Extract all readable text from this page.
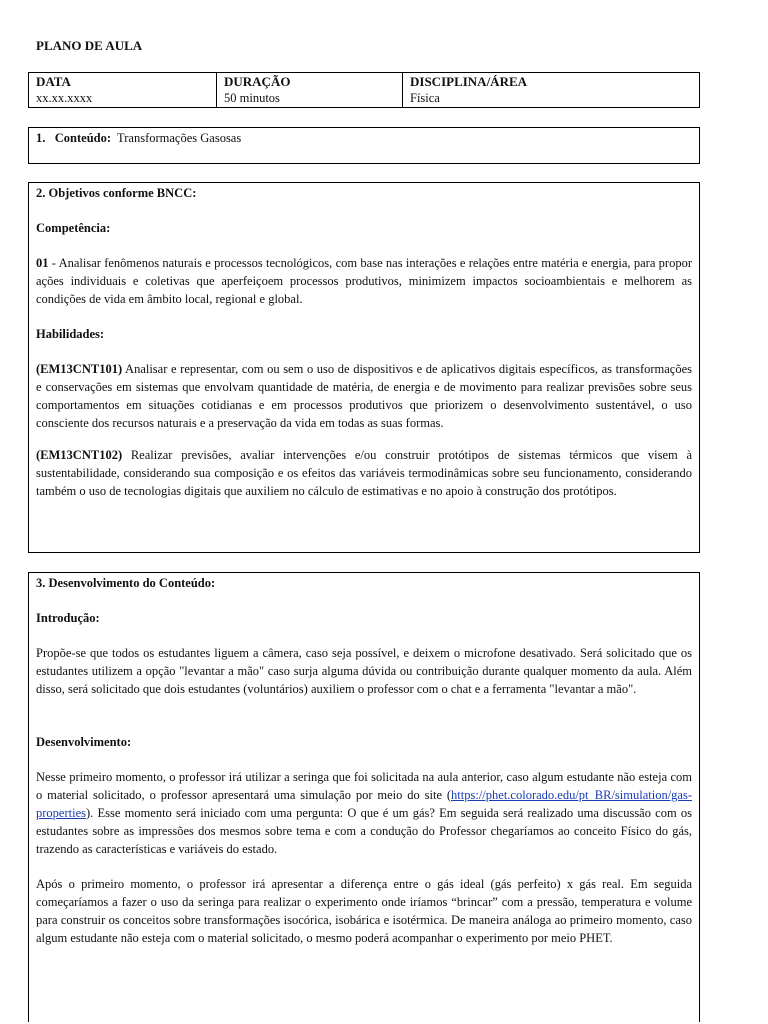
PLANO DE AULA
DATA
xx.xx.xxxx
DURAÇÃO
50 minutos
DISCIPLINA/ÁREA
Física
1. Conteúdo: Transformações Gasosas
2. Objetivos conforme BNCC:
Competência:

01 - Analisar fenômenos naturais e processos tecnológicos, com base nas interações e relações entre matéria e energia, para propor ações individuais e coletivas que aperfeiçoem processos produtivos, minimizem impactos socioambientais e melhorem as condições de vida em âmbito local, regional e global.

Habilidades:

(EM13CNT101) Analisar e representar, com ou sem o uso de dispositivos e de aplicativos digitais específicos, as transformações e conservações em sistemas que envolvam quantidade de matéria, de energia e de movimento para realizar previsões sobre seus comportamentos em situações cotidianas e em processos produtivos que priorizem o desenvolvimento sustentável, o uso consciente dos recursos naturais e a preservação da vida em todas as suas formas.

(EM13CNT102) Realizar previsões, avaliar intervenções e/ou construir protótipos de sistemas térmicos que visem à sustentabilidade, considerando sua composição e os efeitos das variáveis termodinâmicas sobre seu funcionamento, considerando também o uso de tecnologias digitais que auxiliem no cálculo de estimativas e no apoio à construção dos protótipos.

3. Desenvolvimento do Conteúdo:
Introdução:

Propõe-se que todos os estudantes liguem a câmera, caso seja possível, e deixem o microfone desativado. Será solicitado que os estudantes utilizem a opção "levantar a mão" caso surja alguma dúvida ou contribuição durante qualquer momento da aula. Além disso, será solicitado que dois estudantes (voluntários) auxiliem o professor com o chat e a ferramenta "levantar a mão".

Desenvolvimento:

Nesse primeiro momento, o professor irá utilizar a seringa que foi solicitada na aula anterior, caso algum estudante não esteja com o material solicitado, o professor apresentará uma simulação por meio do site (https://phet.colorado.edu/pt_BR/simulation/gas-properties). Esse momento será iniciado com uma pergunta: O que é um gás? Em seguida será realizado uma discussão com os estudantes sobre as impressões dos mesmos sobre tema e com a condução do Professor chegaríamos ao conceito Físico do gás, trazendo as características e variáveis do estado.

Após o primeiro momento, o professor irá apresentar a diferença entre o gás ideal (gás perfeito) x gás real. Em seguida começaríamos a fazer o uso da seringa para realizar o experimento onde iríamos “brincar” com a pressão, temperatura e volume para construir os conceitos sobre transformações isocórica, isobárica e isotérmica. De maneira análoga ao primeiro momento, caso algum estudante não esteja com o material solicitado, o mesmo poderá acompanhar o experimento por meio PHET.
